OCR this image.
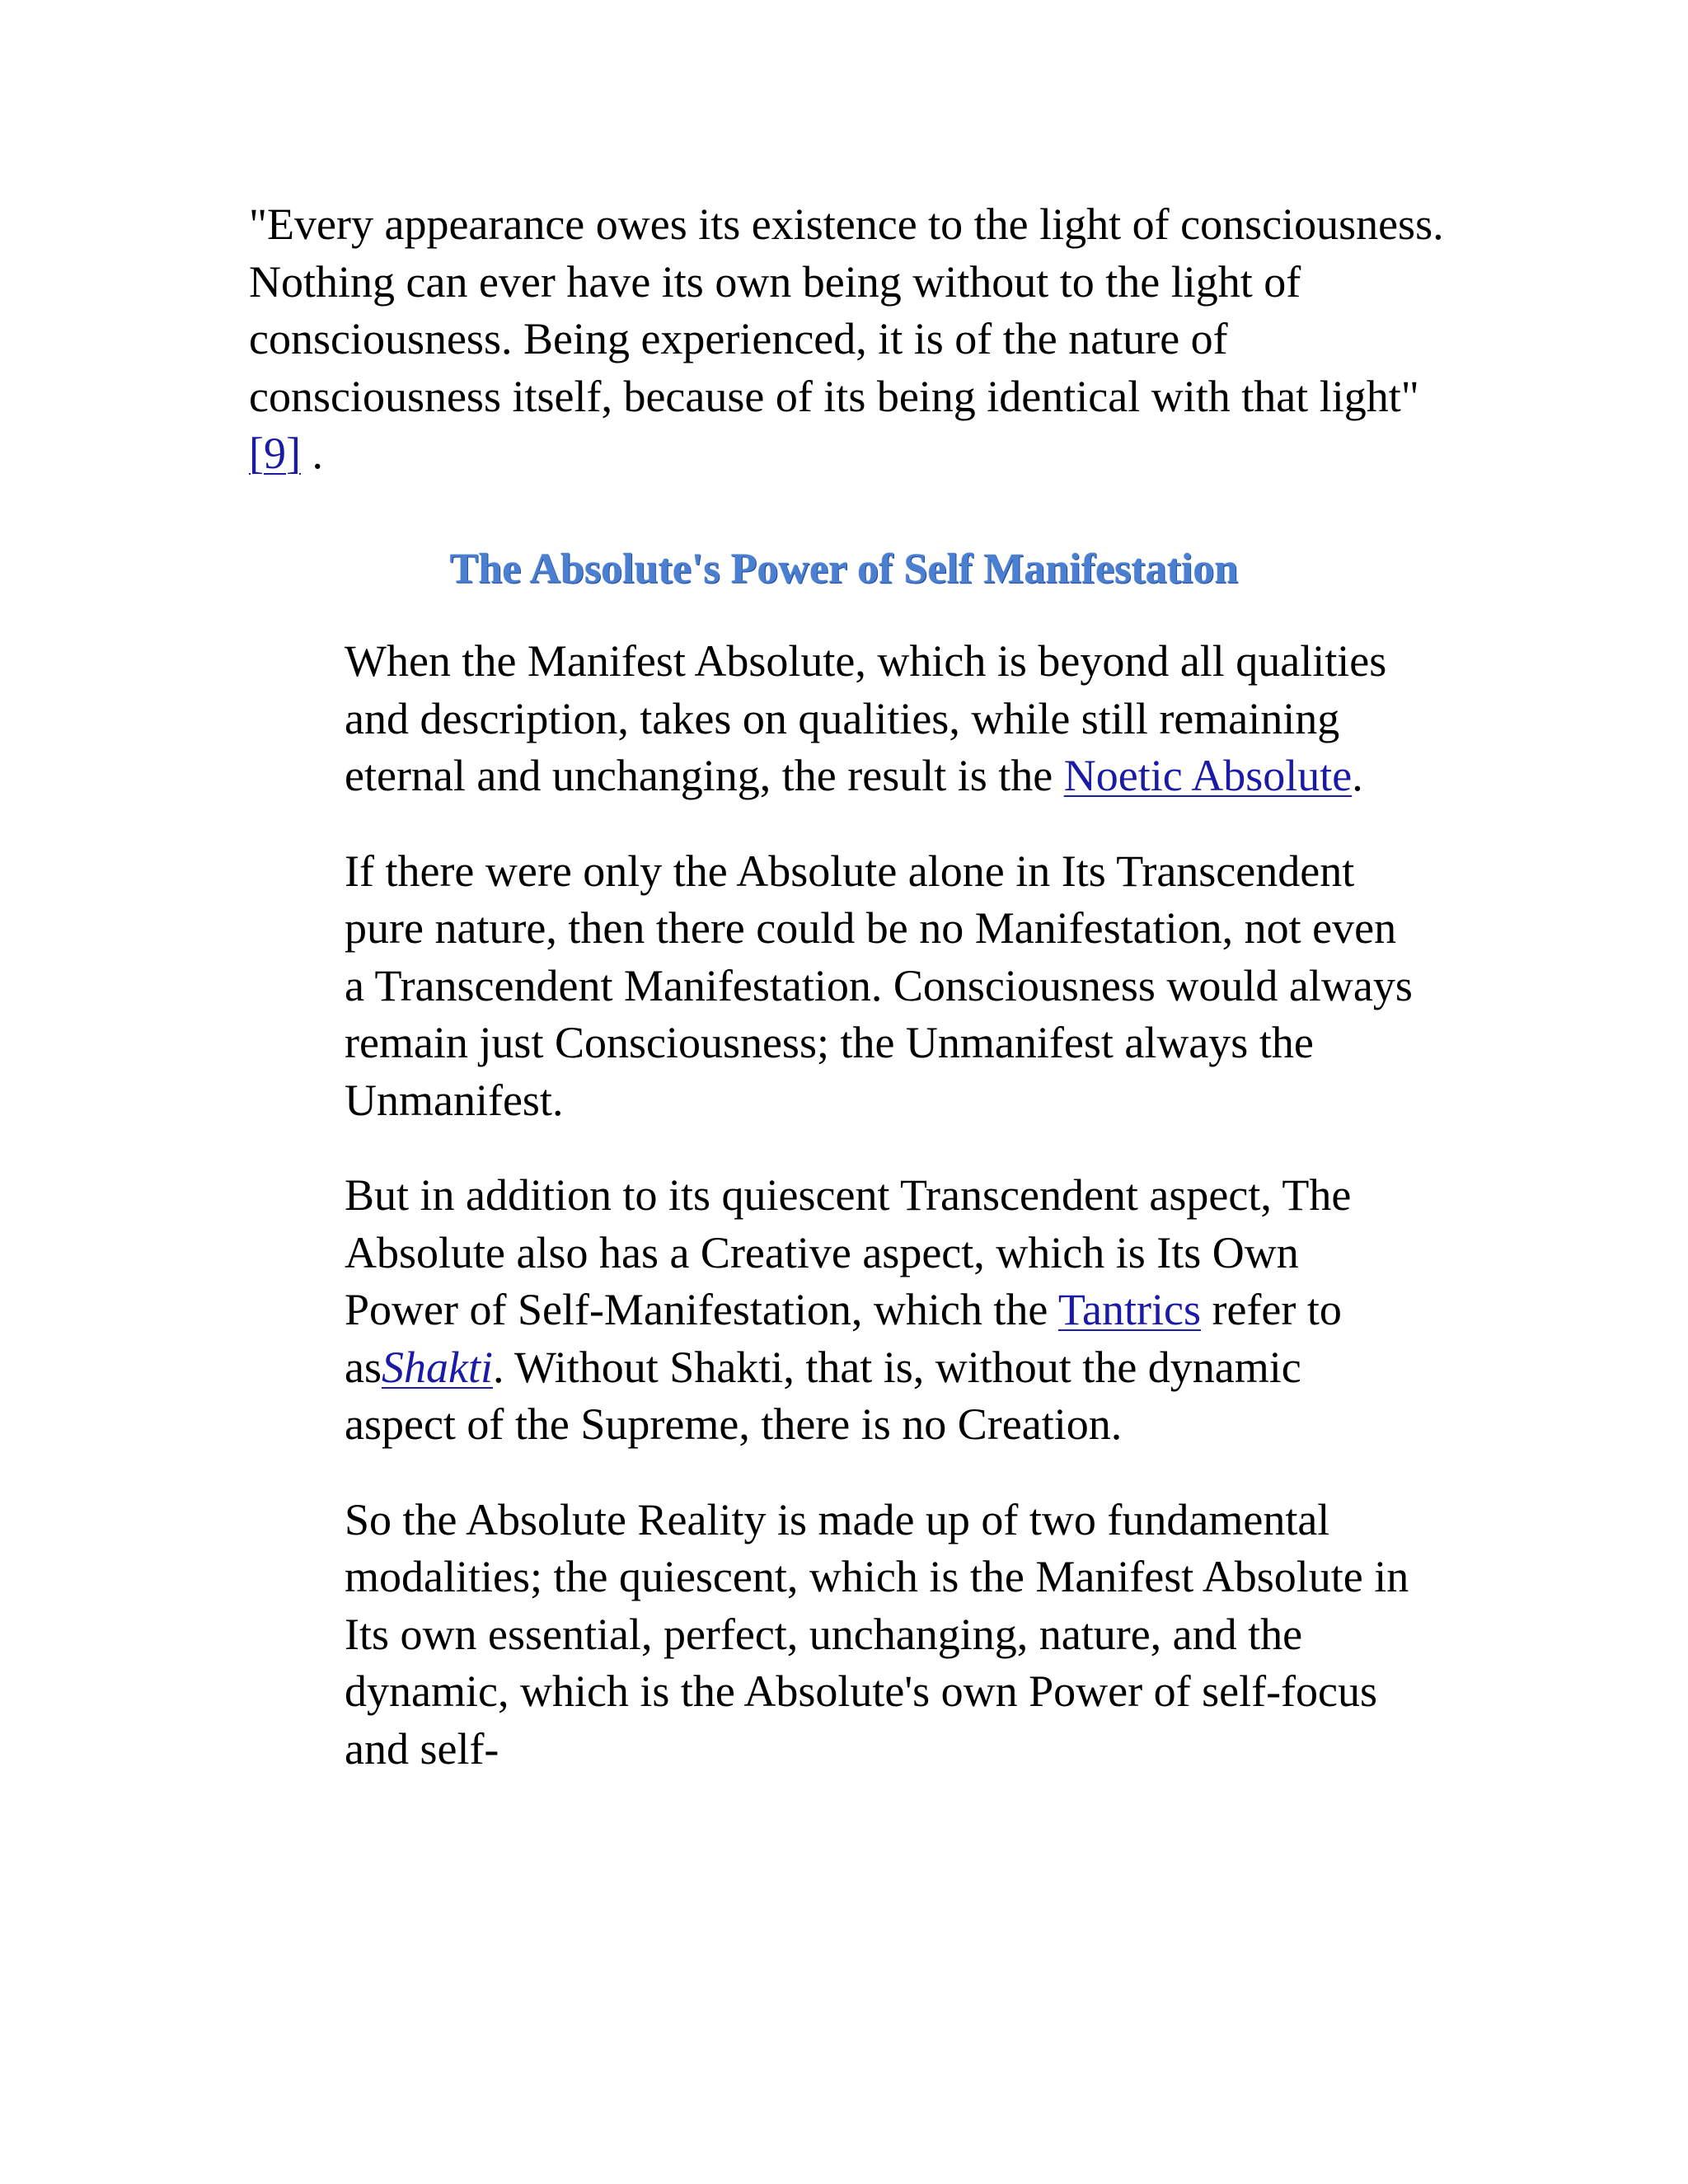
"Every appearance owes its existence to the light of consciousness. Nothing can ever have its own being without to the light of consciousness. Being experienced, it is of the nature of consciousness itself, because of its being identical with that light" [9] .

The Absolute's Power of Self Manifestation

When the Manifest Absolute, which is beyond all qualities and description, takes on qualities, while still remaining eternal and unchanging, the result is the Noetic Absolute.

If there were only the Absolute alone in Its Transcendent pure nature, then there could be no Manifestation, not even a Transcendent Manifestation. Consciousness would always remain just Consciousness; the Unmanifest always the Unmanifest.

But in addition to its quiescent Transcendent aspect, The Absolute also has a Creative aspect, which is Its Own Power of Self-Manifestation, which the Tantrics refer to asShakti. Without Shakti, that is, without the dynamic aspect of the Supreme, there is no Creation.

So the Absolute Reality is made up of two fundamental modalities; the quiescent, which is the Manifest Absolute in Its own essential, perfect, unchanging, nature, and the dynamic, which is the Absolute's own Power of self-focus and self-
